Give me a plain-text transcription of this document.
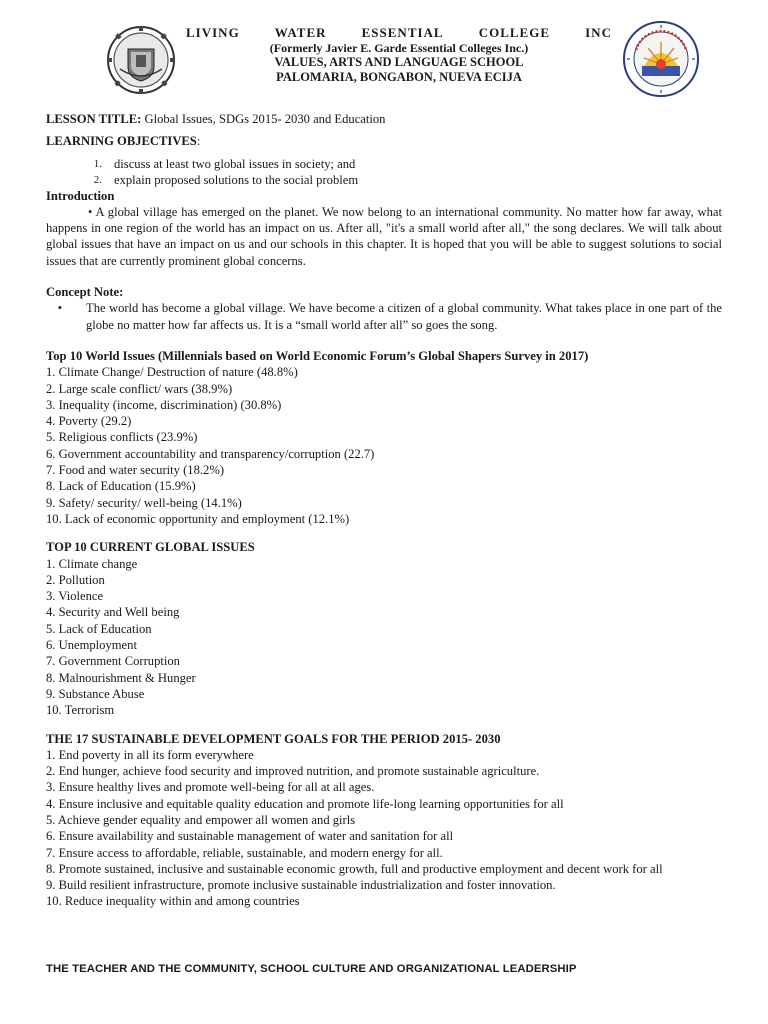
LIVING	WATER	ESSENTIAL	COLLEGE	INC
(Formerly Javier E. Garde Essential Colleges Inc.)
VALUES, ARTS AND LANGUAGE SCHOOL
PALOMARIA, BONGABON, NUEVA ECIJA

LESSON TITLE: Global Issues, SDGs 2015- 2030 and Education

LEARNING OBJECTIVES:

1. discuss at least two global issues in society; and
2. explain proposed solutions to the social problem

Introduction

• A global village has emerged on the planet. We now belong to an international community. No matter how far away, what happens in one region of the world has an impact on us. After all, "it's a small world after all," the song declares. We will talk about global issues that have an impact on us and our schools in this chapter. It is hoped that you will be able to suggest solutions to social issues that are currently prominent global concerns.

Concept Note:

•	The world has become a global village. We have become a citizen of a global community. What takes place in one part of the globe no matter how far affects us. It is a “small world after all” so goes the song.

Top 10 World Issues (Millennials based on World Economic Forum’s Global Shapers Survey in 2017)

1. Climate Change/ Destruction of nature (48.8%)
2. Large scale conflict/ wars (38.9%)
3. Inequality (income, discrimination) (30.8%)
4. Poverty (29.2)
5. Religious conflicts (23.9%)
6. Government accountability and transparency/corruption (22.7)
7. Food and water security (18.2%)
8. Lack of Education (15.9%)
9. Safety/ security/ well-being (14.1%)
10. Lack of economic opportunity and employment (12.1%)

TOP 10 CURRENT GLOBAL ISSUES

1. Climate change
2. Pollution
3. Violence
4. Security and Well being
5. Lack of Education
6. Unemployment
7. Government Corruption
8. Malnourishment & Hunger
9. Substance Abuse
10. Terrorism

THE 17 SUSTAINABLE DEVELOPMENT GOALS FOR THE PERIOD 2015- 2030

1. End poverty in all its form everywhere
2. End hunger, achieve food security and improved nutrition, and promote sustainable agriculture.
3. Ensure healthy lives and promote well-being for all at all ages.
4. Ensure inclusive and equitable quality education and promote life-long learning opportunities for all
5. Achieve gender equality and empower all women and girls
6. Ensure availability and sustainable management of water and sanitation for all
7. Ensure access to affordable, reliable, sustainable, and modern energy for all.
8. Promote sustained, inclusive and sustainable economic growth, full and productive employment and decent work for all
9. Build resilient infrastructure, promote inclusive sustainable industrialization and foster innovation.
10. Reduce inequality within and among countries
THE TEACHER AND THE COMMUNITY, SCHOOL CULTURE AND ORGANIZATIONAL LEADERSHIP
